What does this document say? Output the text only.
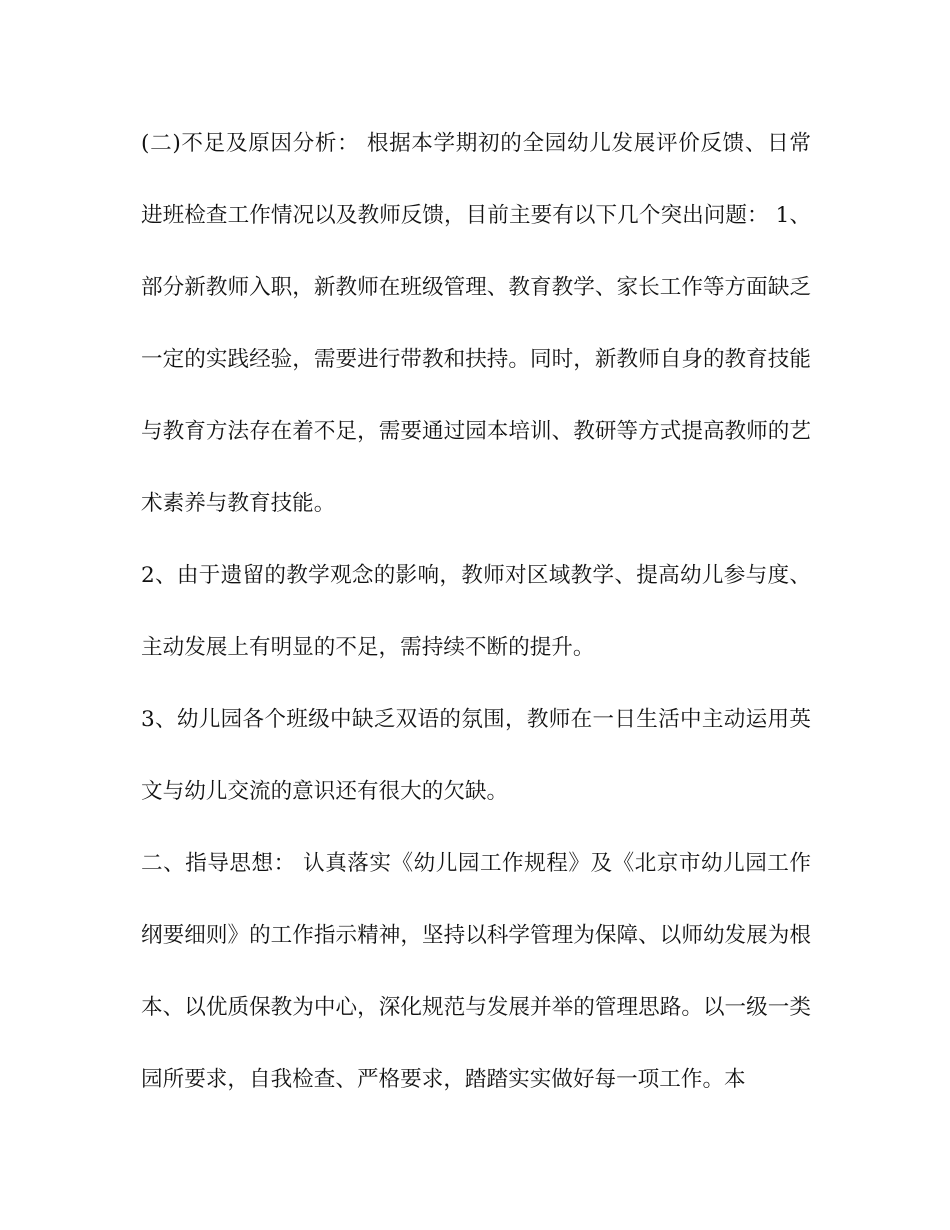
(二)不足及原因分析： 根据本学期初的全园幼儿发展评价反馈、日常进班检查工作情况以及教师反馈，目前主要有以下几个突出问题： 1、部分新教师入职，新教师在班级管理、教育教学、家长工作等方面缺乏一定的实践经验，需要进行带教和扶持。同时，新教师自身的教育技能与教育方法存在着不足，需要通过园本培训、教研等方式提高教师的艺术素养与教育技能。

2、由于遗留的教学观念的影响，教师对区域教学、提高幼儿参与度、主动发展上有明显的不足，需持续不断的提升。

3、幼儿园各个班级中缺乏双语的氛围，教师在一日生活中主动运用英文与幼儿交流的意识还有很大的欠缺。

二、指导思想： 认真落实《幼儿园工作规程》及《北京市幼儿园工作纲要细则》的工作指示精神，坚持以科学管理为保障、以师幼发展为根本、以优质保教为中心，深化规范与发展并举的管理思路。以一级一类园所要求，自我检查、严格要求，踏踏实实做好每一项工作。本
